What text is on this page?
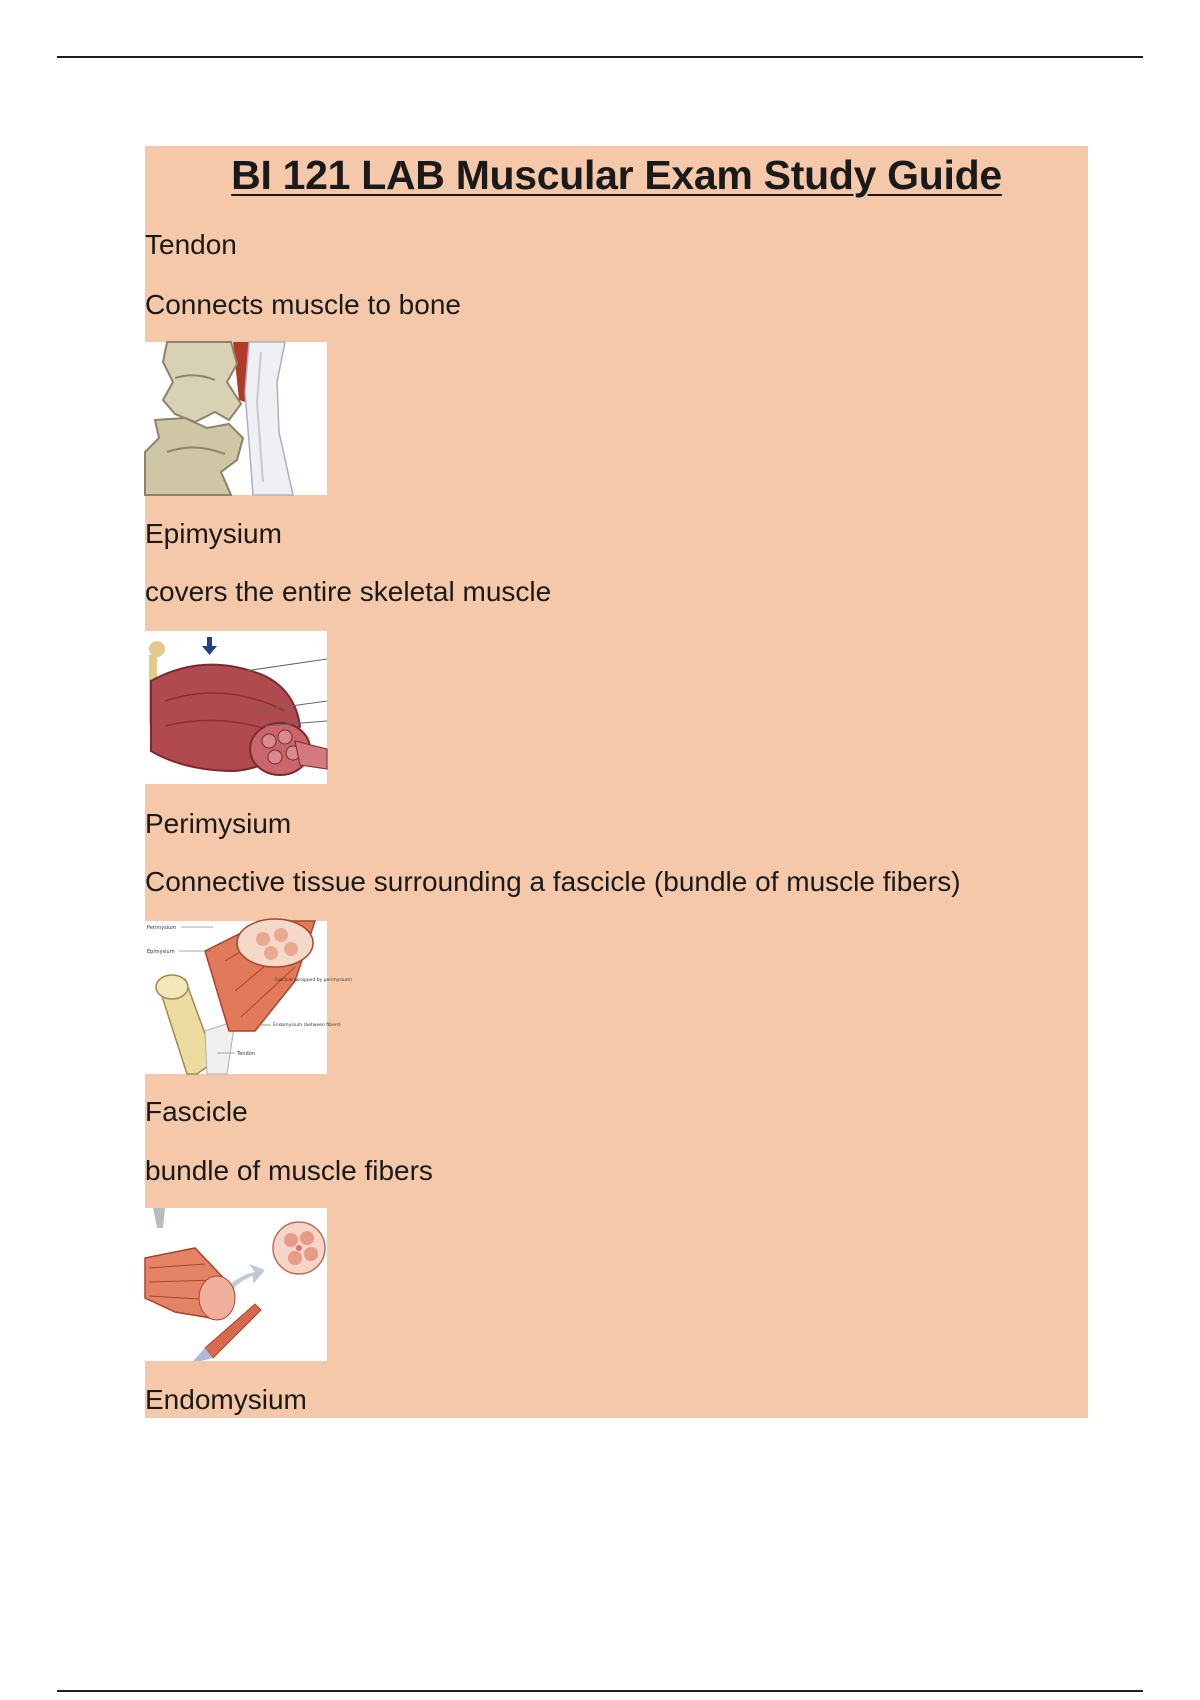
BI 121 LAB Muscular Exam Study Guide
Tendon
Connects muscle to bone
Epimysium
covers the entire skeletal muscle
Perimysium
Connective tissue surrounding a fascicle (bundle of muscle fibers)
Perimysium
Epimysium
Fascicle (wrapped by perimysium)
Endomysium (between fibers)
Tendon
Fascicle
bundle of muscle fibers
Endomysium
